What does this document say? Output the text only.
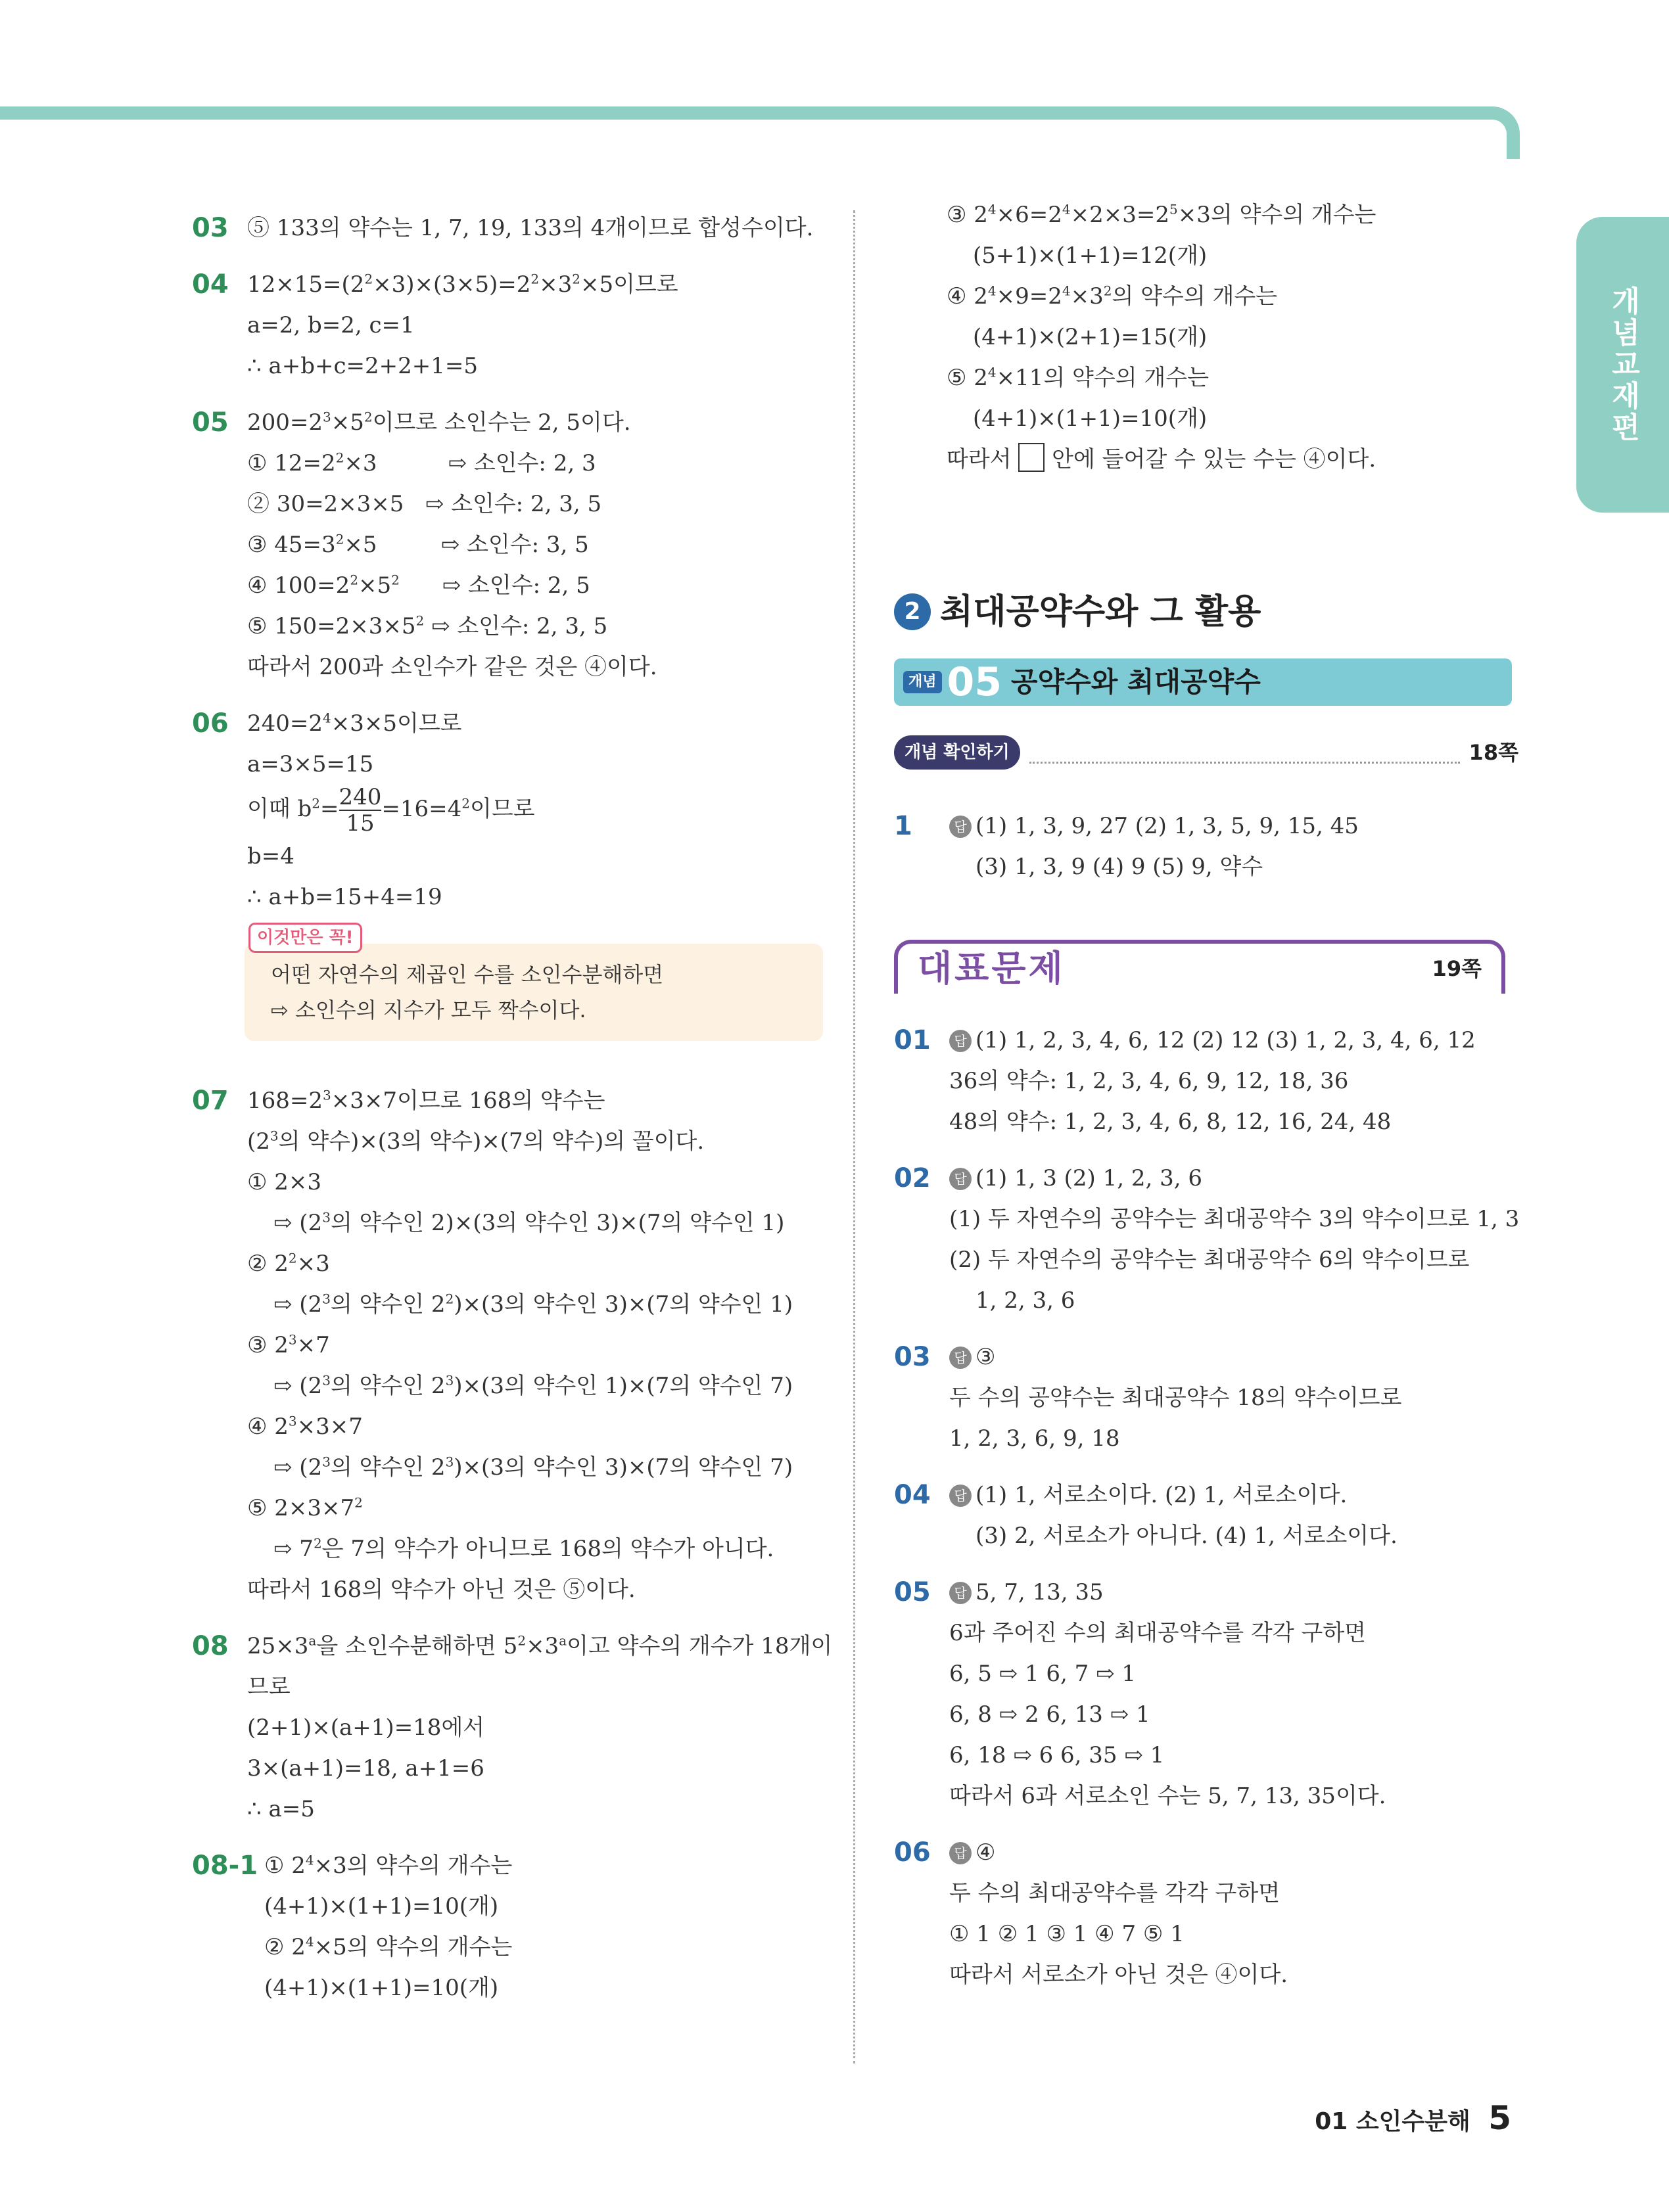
개념교재편
03 ⑤ 133의 약수는 1, 7, 19, 133의 4개이므로 합성수이다.
04 $12\times 15=(2^2\times 3)\times(3\times 5)=2^2\times 3^2\times 5$이므로
a=2, b=2, c=1
∴ a+b+c=2+2+1=5
05 $200=2^3\times 5^2$이므로 소인수는 2, 5이다.
① $12=2^2\times 3$          ⇨ 소인수: 2, 3
② 30=2×3×5   ⇨ 소인수: 2, 3, 5
③ $45=3^2\times 5$         ⇨ 소인수: 3, 5
④ $100=2^2\times 5^2$      ⇨ 소인수: 2, 5
⑤ $150=2\times 3\times 5^2$ ⇨ 소인수: 2, 3, 5
따라서 200과 소인수가 같은 것은 ④이다.
06 $240=2^4\times 3\times 5$이므로
a=3×5=15
이때 $b^2= \frac{240}{15} =16=4^2$이므로
b=4
∴ a+b=15+4=19
이것만은 꼭!
어떤 자연수의 제곱인 수를 소인수분해하면
⇨ 소인수의 지수가 모두 짝수이다.
07 $168=2^3\times 3\times 7$이므로 168의 약수는
($2^3$의 약수)×(3의 약수)×(7의 약수)의 꼴이다.
① 2×3
⇨ ($2^3$의 약수인 2)×(3의 약수인 3)×(7의 약수인 1)
② $2^2\times 3$
⇨ ($2^3$의 약수인 $2^2)\times(3$의 약수인 3)×(7의 약수인 1)
③ $2^3\times 7$
⇨ ($2^3$의 약수인 $2^3)\times(3$의 약수인 1)×(7의 약수인 7)
④ $2^3\times 3\times 7$
⇨ ($2^3$의 약수인 $2^3)\times(3$의 약수인 3)×(7의 약수인 7)
⑤ $2\times 3\times 7^2$
⇨ $7^2$은 7의 약수가 아니므로 168의 약수가 아니다.
따라서 168의 약수가 아닌 것은 ⑤이다.
08 $25\times 3^a$을 소인수분해하면 $5^2\times 3^a$이고 약수의 개수가 18개이
므로
(2+1)×(a+1)=18에서
3×(a+1)=18, a+1=6
∴ a=5
08-1 ① $2^4\times 3$의 약수의 개수는
(4+1)×(1+1)=10(개)
② $2^4\times 5$의 약수의 개수는
(4+1)×(1+1)=10(개)
③ $2^4\times 6=2^4\times 2\times 3=2^5\times 3$의 약수의 개수는
(5+1)×(1+1)=12(개)
④ $2^4\times 9=2^4\times 3^2$의 약수의 개수는
(4+1)×(2+1)=15(개)
⑤ $2^4\times 11$의 약수의 개수는
(4+1)×(1+1)=10(개)
따라서  안에 들어갈 수 있는 수는 ④이다.
2 최대공약수와 그 활용
개념 05 공약수와 최대공약수
개념 확인하기	18쪽
1	답 (1) 1, 3, 9, 27 (2) 1, 3, 5, 9, 15, 45
(3) 1, 3, 9 (4) 9 (5) 9, 약수
대표문제	19쪽
01	답 (1) 1, 2, 3, 4, 6, 12 (2) 12 (3) 1, 2, 3, 4, 6, 12
36의 약수: 1, 2, 3, 4, 6, 9, 12, 18, 36
48의 약수: 1, 2, 3, 4, 6, 8, 12, 16, 24, 48
02	답 (1) 1, 3 (2) 1, 2, 3, 6
(1) 두 자연수의 공약수는 최대공약수 3의 약수이므로 1, 3
(2) 두 자연수의 공약수는 최대공약수 6의 약수이므로
1, 2, 3, 6
03	답 ③
두 수의 공약수는 최대공약수 18의 약수이므로
1, 2, 3, 6, 9, 18
04	답 (1) 1, 서로소이다. (2) 1, 서로소이다.
(3) 2, 서로소가 아니다. (4) 1, 서로소이다.
05	답 5, 7, 13, 35
6과 주어진 수의 최대공약수를 각각 구하면
6, 5 ⇨ 1 6, 7 ⇨ 1
6, 8 ⇨ 2 6, 13 ⇨ 1
6, 18 ⇨ 6 6, 35 ⇨ 1
따라서 6과 서로소인 수는 5, 7, 13, 35이다.
06	답 ④
두 수의 최대공약수를 각각 구하면
① 1 ② 1 ③ 1 ④ 7 ⑤ 1
따라서 서로소가 아닌 것은 ④이다.
01 소인수분해 5
